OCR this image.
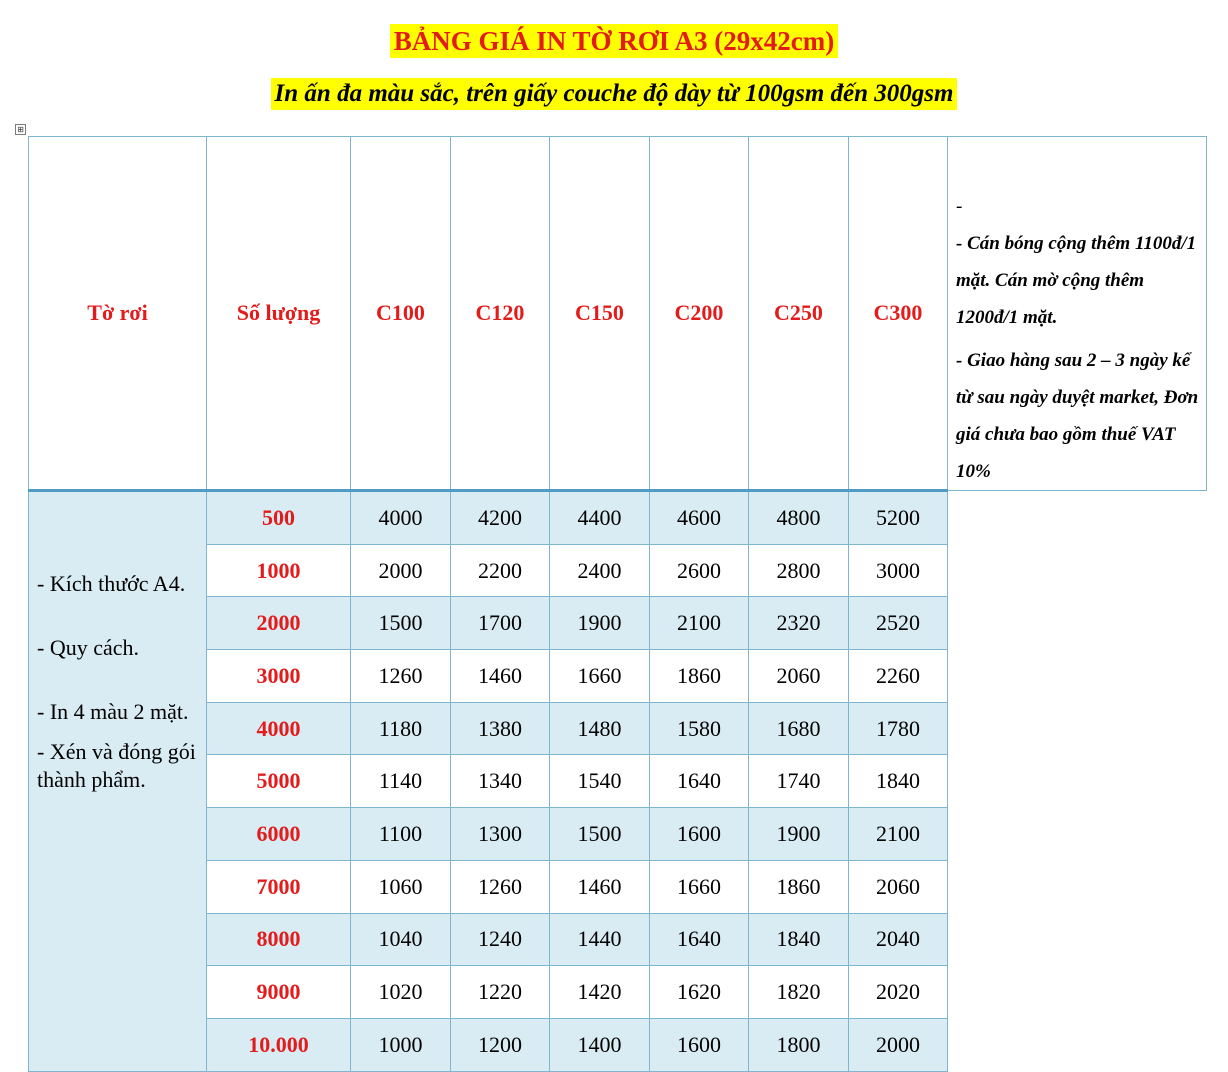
BẢNG GIÁ IN TỜ RƠI A3 (29x42cm)
In ấn đa màu sắc, trên giấy couche độ dày từ 100gsm đến 300gsm
⊞
Tờ rơi	Số lượng	C100	C120	C150	C200	C250	C300	-

- Cán bóng cộng thêm 1100đ/1 mặt. Cán mờ cộng thêm 1200đ/1 mặt.

- Giao hàng sau 2 – 3 ngày kể từ sau ngày duyệt market, Đơn giá chưa bao gồm thuế VAT 10%

- Kích thước A4.

- Quy cách.

- In 4 màu 2 mặt.

- Xén và đóng gói thành phẩm.	500	4000	4200	4400	4600	4800	5200	
	1000	2000	2200	2400	2600	2800	3000	
	2000	1500	1700	1900	2100	2320	2520	
	3000	1260	1460	1660	1860	2060	2260	
	4000	1180	1380	1480	1580	1680	1780	
	5000	1140	1340	1540	1640	1740	1840	
	6000	1100	1300	1500	1600	1900	2100	
	7000	1060	1260	1460	1660	1860	2060	
	8000	1040	1240	1440	1640	1840	2040	
	9000	1020	1220	1420	1620	1820	2020	
	10.000	1000	1200	1400	1600	1800	2000	
